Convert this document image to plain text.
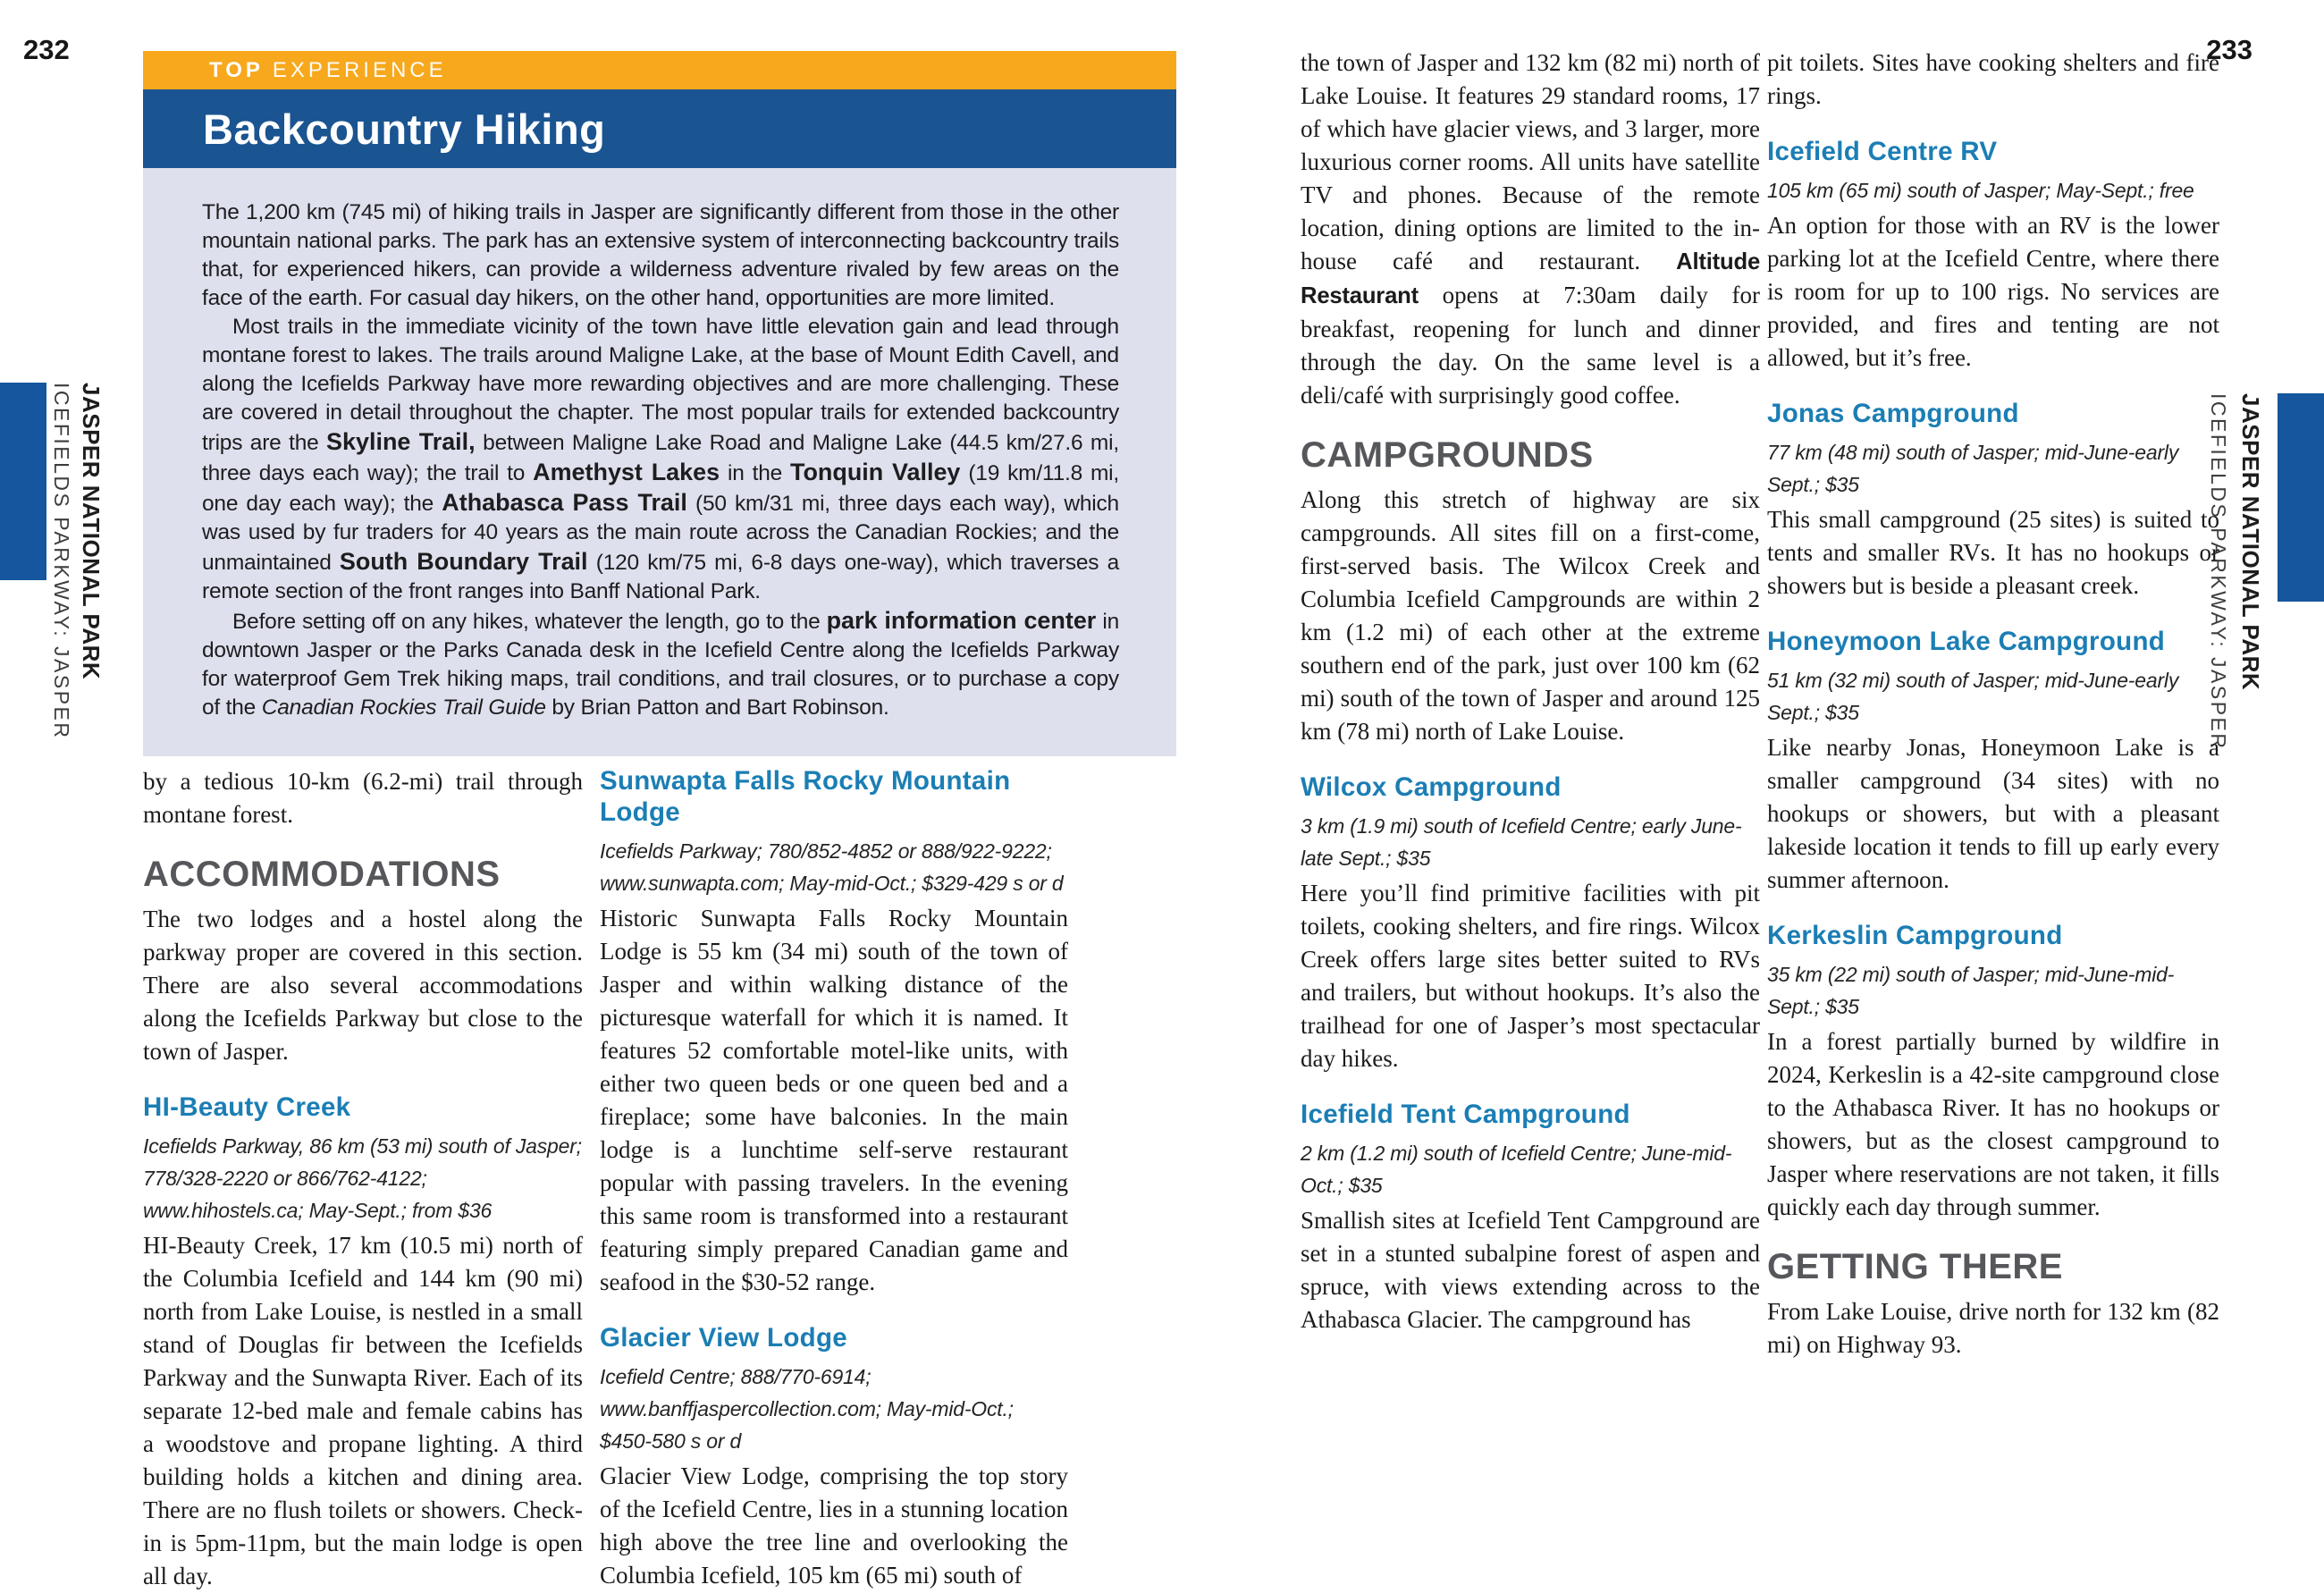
232	233
ICEFIELDS PARKWAY: JASPER JASPER NATIONAL PARK	ICEFIELDS PARKWAY: JASPER JASPER NATIONAL PARK
TOP EXPERIENCE
Backcountry Hiking

The 1,200 km (745 mi) of hiking trails in Jasper are significantly different from those in the other mountain national parks. The park has an extensive system of interconnecting backcountry trails that, for experienced hikers, can provide a wilderness adventure rivaled by few areas on the face of the earth. For casual day hikers, on the other hand, opportunities are more limited.

Most trails in the immediate vicinity of the town have little elevation gain and lead through montane forest to lakes. The trails around Maligne Lake, at the base of Mount Edith Cavell, and along the Icefields Parkway have more rewarding objectives and are more challenging. These are covered in detail throughout the chapter. The most popular trails for extended backcountry trips are the Skyline Trail, between Maligne Lake Road and Maligne Lake (44.5 km/27.6 mi, three days each way); the trail to Amethyst Lakes in the Tonquin Valley (19 km/11.8 mi, one day each way); the Athabasca Pass Trail (50 km/31 mi, three days each way), which was used by fur traders for 40 years as the main route across the Canadian Rockies; and the unmaintained South Boundary Trail (120 km/75 mi, 6-8 days one-way), which traverses a remote section of the front ranges into Banff National Park.

Before setting off on any hikes, whatever the length, go to the park information center in downtown Jasper or the Parks Canada desk in the Icefield Centre along the Icefields Parkway for waterproof Gem Trek hiking maps, trail conditions, and trail closures, or to purchase a copy of the Canadian Rockies Trail Guide by Brian Patton and Bart Robinson.

by a tedious 10-km (6.2-mi) trail through montane forest.

ACCOMMODATIONS

The two lodges and a hostel along the parkway proper are covered in this section. There are also several accommodations along the Icefields Parkway but close to the town of Jasper.

HI-Beauty Creek

Icefields Parkway, 86 km (53 mi) south of Jasper; 778/328-2220 or 866/762-4122; www.hihostels.ca; May-Sept.; from $36

HI-Beauty Creek, 17 km (10.5 mi) north of the Columbia Icefield and 144 km (90 mi) north from Lake Louise, is nestled in a small stand of Douglas fir between the Icefields Parkway and the Sunwapta River. Each of its separate 12-bed male and female cabins has a woodstove and propane lighting. A third building holds a kitchen and dining area. There are no flush toilets or showers. Check-in is 5pm-11pm, but the main lodge is open all day.

Sunwapta Falls Rocky Mountain Lodge

Icefields Parkway; 780/852-4852 or 888/922-9222; www.sunwapta.com; May-mid-Oct.; $329-429 s or d

Historic Sunwapta Falls Rocky Mountain Lodge is 55 km (34 mi) south of the town of Jasper and within walking distance of the picturesque waterfall for which it is named. It features 52 comfortable motel-like units, with either two queen beds or one queen bed and a fireplace; some have balconies. In the main lodge is a lunchtime self-serve restaurant popular with passing travelers. In the evening this same room is transformed into a restaurant featuring simply prepared Canadian game and seafood in the $30-52 range.

Glacier View Lodge

Icefield Centre; 888/770-6914; www.banffjaspercollection.com; May-mid-Oct.; $450-580 s or d

Glacier View Lodge, comprising the top story of the Icefield Centre, lies in a stunning location high above the tree line and overlooking the Columbia Icefield, 105 km (65 mi) south of

the town of Jasper and 132 km (82 mi) north of Lake Louise. It features 29 standard rooms, 17 of which have glacier views, and 3 larger, more luxurious corner rooms. All units have satellite TV and phones. Because of the remote location, dining options are limited to the in-house café and restaurant. Altitude Restaurant opens at 7:30am daily for breakfast, reopening for lunch and dinner through the day. On the same level is a deli/café with surprisingly good coffee.

CAMPGROUNDS

Along this stretch of highway are six campgrounds. All sites fill on a first-come, first-served basis. The Wilcox Creek and Columbia Icefield Campgrounds are within 2 km (1.2 mi) of each other at the extreme southern end of the park, just over 100 km (62 mi) south of the town of Jasper and around 125 km (78 mi) north of Lake Louise.

Wilcox Campground

3 km (1.9 mi) south of Icefield Centre; early June-late Sept.; $35

Here you’ll find primitive facilities with pit toilets, cooking shelters, and fire rings. Wilcox Creek offers large sites better suited to RVs and trailers, but without hookups. It’s also the trailhead for one of Jasper’s most spectacular day hikes.

Icefield Tent Campground

2 km (1.2 mi) south of Icefield Centre; June-mid-Oct.; $35

Smallish sites at Icefield Tent Campground are set in a stunted subalpine forest of aspen and spruce, with views extending across to the Athabasca Glacier. The campground has

pit toilets. Sites have cooking shelters and fire rings.

Icefield Centre RV

105 km (65 mi) south of Jasper; May-Sept.; free

An option for those with an RV is the lower parking lot at the Icefield Centre, where there is room for up to 100 rigs. No services are provided, and fires and tenting are not allowed, but it’s free.

Jonas Campground

77 km (48 mi) south of Jasper; mid-June-early Sept.; $35

This small campground (25 sites) is suited to tents and smaller RVs. It has no hookups or showers but is beside a pleasant creek.

Honeymoon Lake Campground

51 km (32 mi) south of Jasper; mid-June-early Sept.; $35

Like nearby Jonas, Honeymoon Lake is a smaller campground (34 sites) with no hookups or showers, but with a pleasant lakeside location it tends to fill up early every summer afternoon.

Kerkeslin Campground

35 km (22 mi) south of Jasper; mid-June-mid-Sept.; $35

In a forest partially burned by wildfire in 2024, Kerkeslin is a 42-site campground close to the Athabasca River. It has no hookups or showers, but as the closest campground to Jasper where reservations are not taken, it fills quickly each day through summer.

GETTING THERE

From Lake Louise, drive north for 132 km (82 mi) on Highway 93.
